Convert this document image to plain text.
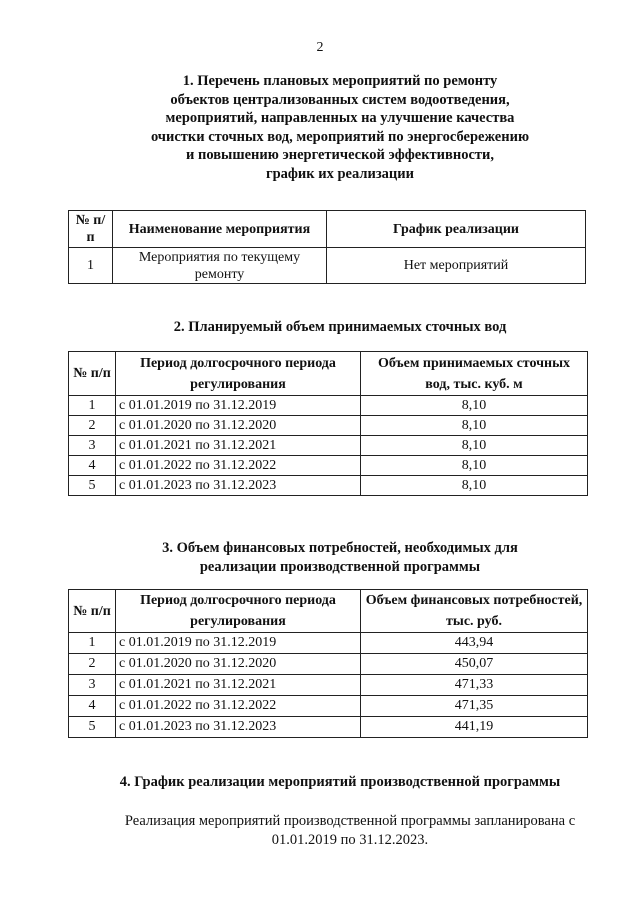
2
1. Перечень плановых мероприятий по ремонту
объектов централизованных систем водоотведения,
мероприятий, направленных на улучшение качества
очистки сточных вод, мероприятий по энергосбережению
и повышению энергетической эффективности,
график их реализации
№ п/п	Наименование мероприятия	График реализации
1	Мероприятия по текущему ремонту	Нет мероприятий
2. Планируемый объем принимаемых сточных вод
№ п/п	Период долгосрочного периода регулирования	Объем принимаемых сточных вод, тыс. куб. м
1	с 01.01.2019 по 31.12.2019	8,10
2	с 01.01.2020 по 31.12.2020	8,10
3	с 01.01.2021 по 31.12.2021	8,10
4	с 01.01.2022 по 31.12.2022	8,10
5	с 01.01.2023 по 31.12.2023	8,10
3. Объем финансовых потребностей, необходимых для
реализации производственной программы
№ п/п	Период долгосрочного периода регулирования	Объем финансовых потребностей, тыс. руб.
1	с 01.01.2019 по 31.12.2019	443,94
2	с 01.01.2020 по 31.12.2020	450,07
3	с 01.01.2021 по 31.12.2021	471,33
4	с 01.01.2022 по 31.12.2022	471,35
5	с 01.01.2023 по 31.12.2023	441,19
4. График реализации мероприятий производственной программы
Реализация мероприятий производственной программы запланирована с
01.01.2019 по 31.12.2023.
